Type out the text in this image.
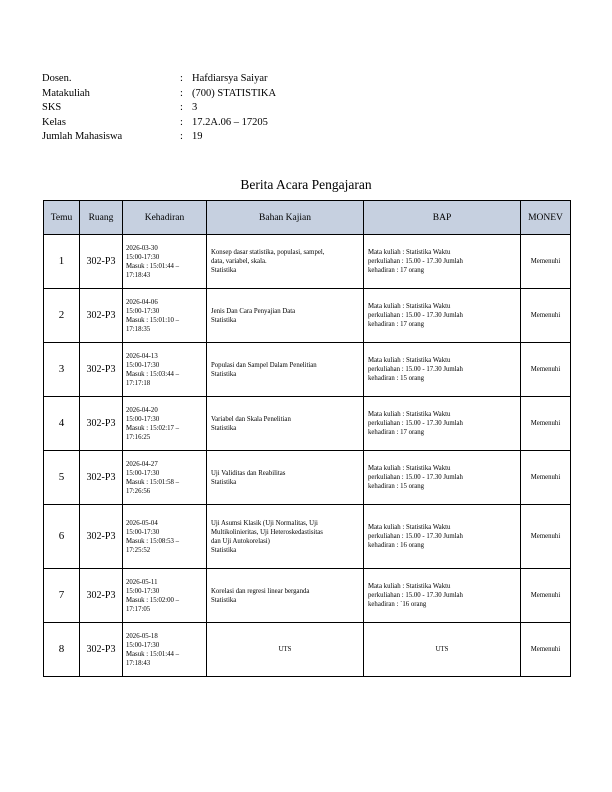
Dosen.	: Hafdiarsya Saiyar
Matakuliah	: (700) STATISTIKA
SKS	: 3
Kelas	: 17.2A.06 – 17205
Jumlah Mahasiswa	: 19
Berita Acara Pengajaran
Temu	Ruang	Kehadiran	Bahan Kajian	BAP	MONEV
1	302-P3	2026-03-30
15:00-17:30
Masuk : 15:01:44 –
17:18:43	Konsep dasar statistika, populasi, sampel,
data, variabel, skala.
Statistika	Mata kuliah : Statistika Waktu
perkuliahan : 15.00 - 17.30 Jumlah
kehadiran : 17 orang	Memenuhi
2	302-P3	2026-04-06
15:00-17:30
Masuk : 15:01:10 –
17:18:35	Jenis Dan Cara Penyajian Data
Statistika	Mata kuliah : Statistika Waktu
perkuliahan : 15.00 - 17.30 Jumlah
kehadiran : 17 orang	Memenuhi
3	302-P3	2026-04-13
15:00-17:30
Masuk : 15:03:44 –
17:17:18	Populasi dan Sampel Dalam Penelitian
Statistika	Mata kuliah : Statistika Waktu
perkuliahan : 15.00 - 17.30 Jumlah
kehadiran : 15 orang	Memenuhi
4	302-P3	2026-04-20
15:00-17:30
Masuk : 15:02:17 –
17:16:25	Variabel dan Skala Penelitian
Statistika	Mata kuliah : Statistika Waktu
perkuliahan : 15.00 - 17.30 Jumlah
kehadiran : 17 orang	Memenuhi
5	302-P3	2026-04-27
15:00-17:30
Masuk : 15:01:58 –
17:26:56	Uji Validitas dan Reabilitas
Statistika	Mata kuliah : Statistika Waktu
perkuliahan : 15.00 - 17.30 Jumlah
kehadiran : 15 orang	Memenuhi
6	302-P3	2026-05-04
15:00-17:30
Masuk : 15:08:53 –
17:25:52	Uji Asumsi Klasik (Uji Normalitas, Uji
Multikolinieritas, Uji Heteroskedastisitas
dan Uji Autokorelasi)
Statistika	Mata kuliah : Statistika Waktu
perkuliahan : 15.00 - 17.30 Jumlah
kehadiran : 16 orang	Memenuhi
7	302-P3	2026-05-11
15:00-17:30
Masuk : 15:02:00 –
17:17:05	Korelasi dan regresi linear berganda
Statistika	Mata kuliah : Statistika Waktu
perkuliahan : 15.00 - 17.30 Jumlah
kehadiran : `16 orang	Memenuhi
8	302-P3	2026-05-18
15:00-17:30
Masuk : 15:01:44 –
17:18:43	UTS	UTS	Memenuhi
